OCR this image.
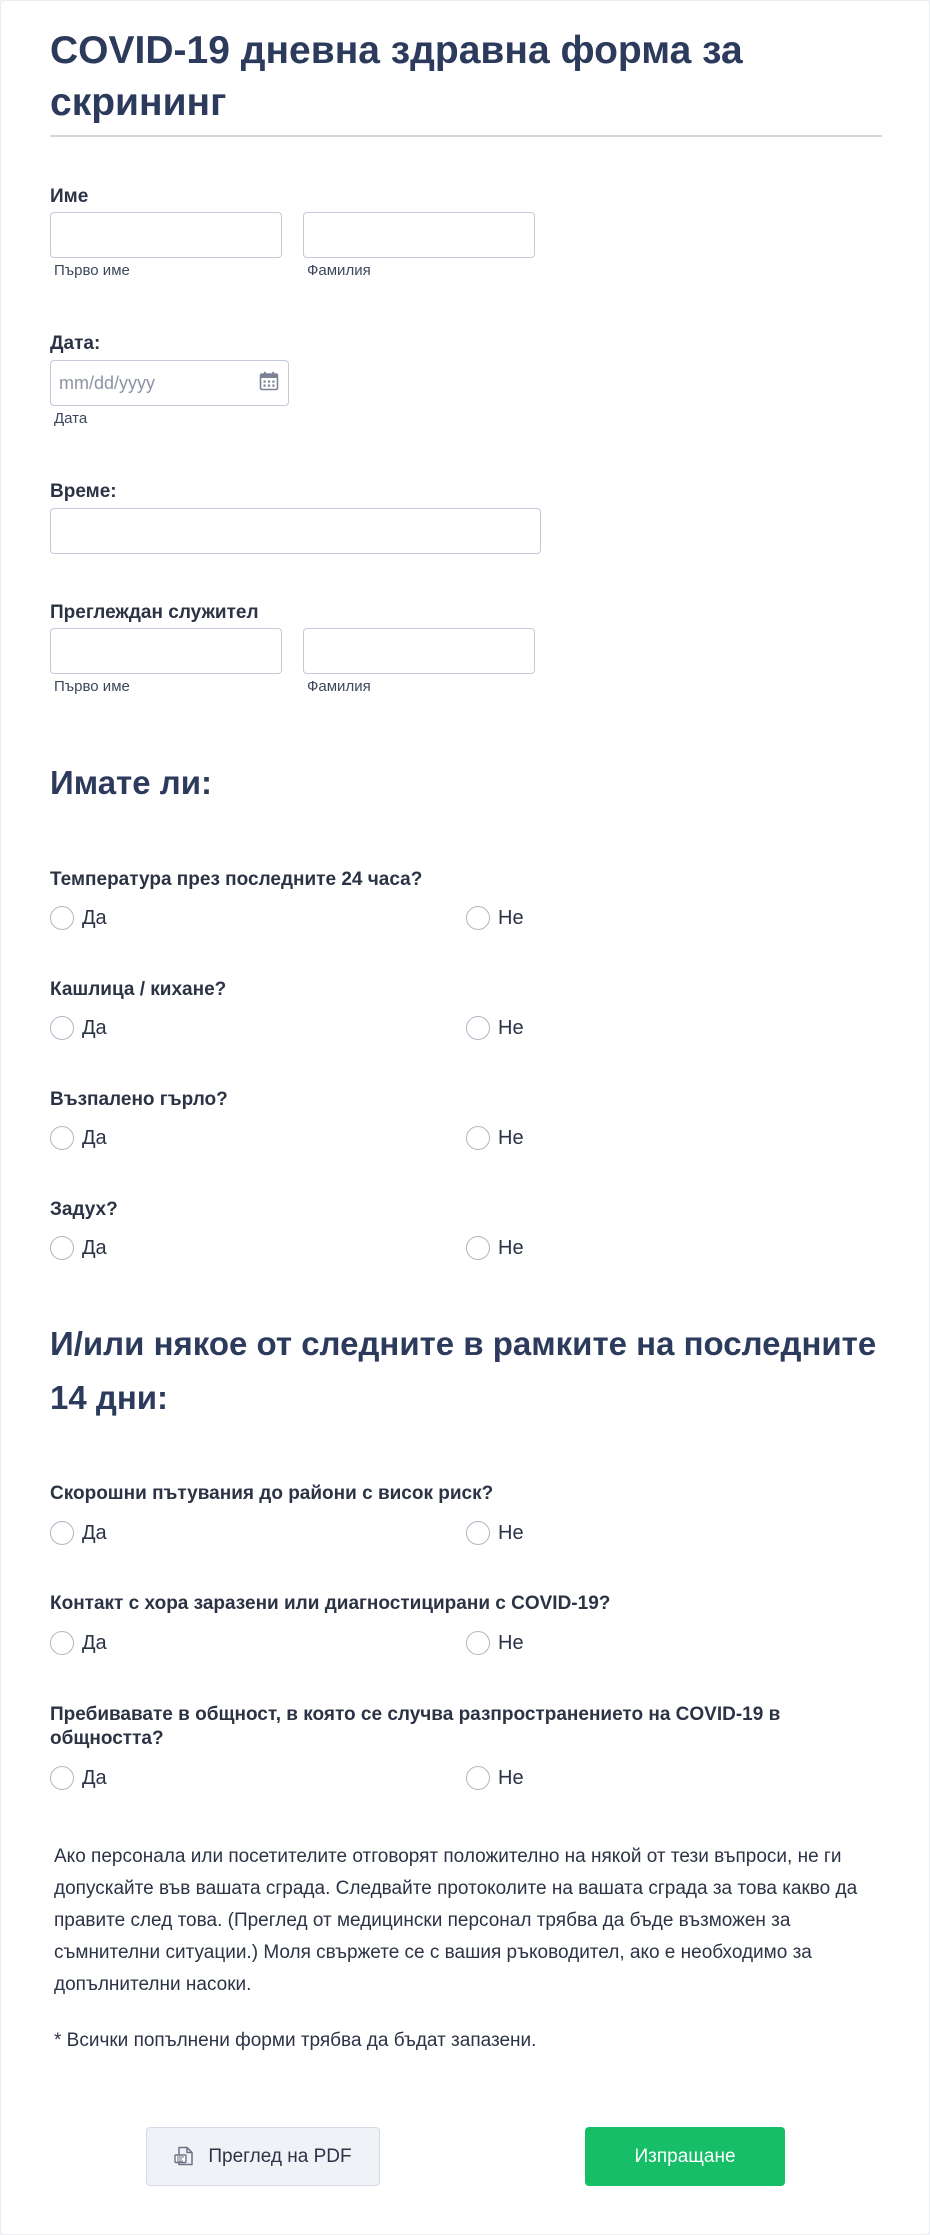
COVID-19 дневна здравна форма за скрининг
Име
Първо име	Фамилия
Дата:
mm/dd/yyyy
Дата
Време:
Преглеждан служител
Първо име	Фамилия
Имате ли:
Температура през последните 24 часа?
Да	Не
Кашлица / кихане?
Да	Не
Възпалено гърло?
Да	Не
Задух?
Да	Не
И/или някое от следните в рамките на последните 14 дни:
Скорошни пътувания до райони с висок риск?
Да	Не
Контакт с хора заразени или диагностицирани с COVID-19?
Да	Не
Пребивавате в общност, в която се случва разпространението на COVID-19 в общността?
Да	Не
Ако персонала или посетителите отговорят положително на някой от тези въпроси, не ги допускайте във вашата сграда. Следвайте протоколите на вашата сграда за това какво да правите след това. (Преглед от медицински персонал трябва да бъде възможен за съмнителни ситуации.) Моля свържете се с вашия ръководител, ако е необходимо за допълнителни насоки.
* Всички попълнени форми трябва да бъдат запазени.
Преглед на PDF	Изпращане
